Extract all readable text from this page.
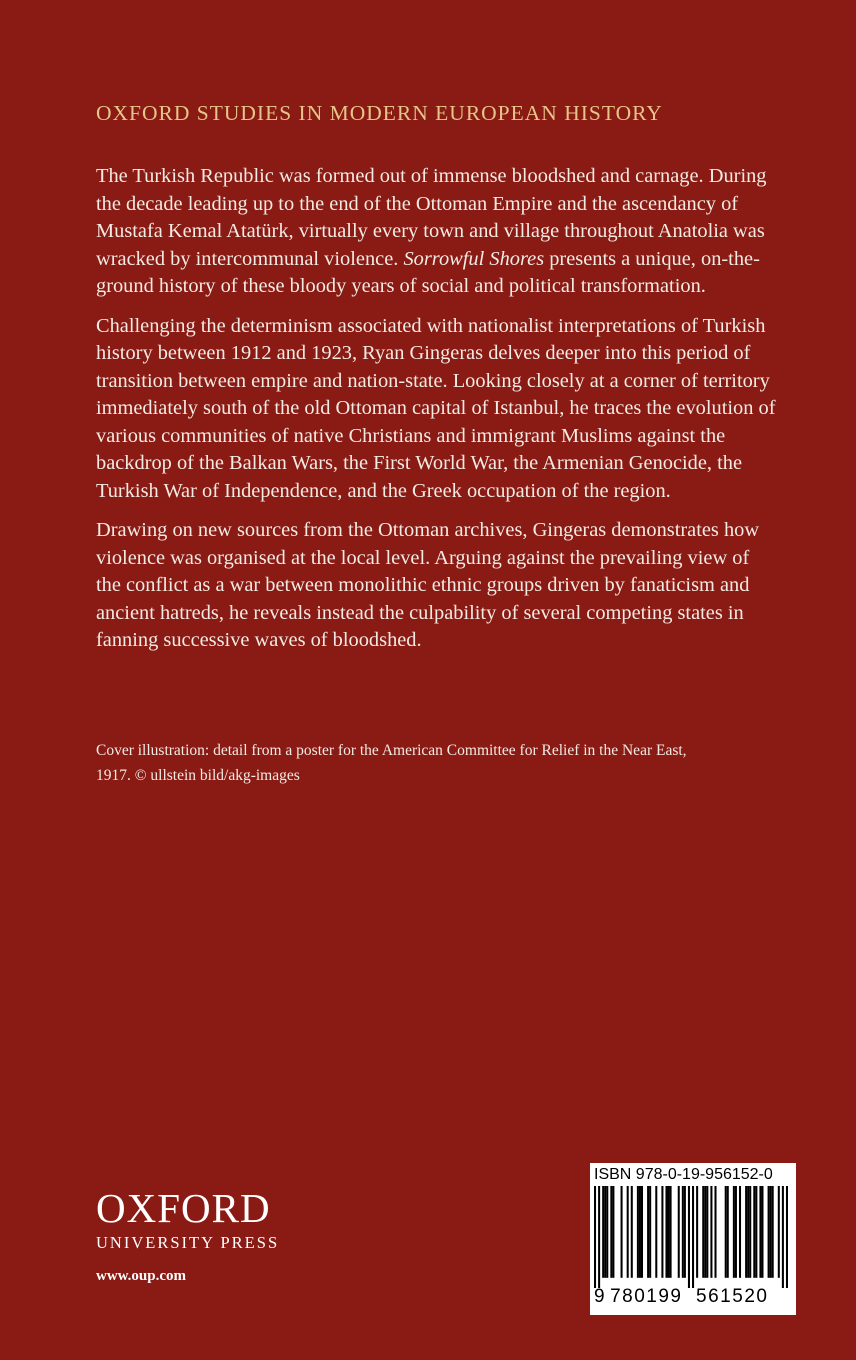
OXFORD STUDIES IN MODERN EUROPEAN HISTORY

The Turkish Republic was formed out of immense bloodshed and carnage. During the decade leading up to the end of the Ottoman Empire and the ascendancy of Mustafa Kemal Atatürk, virtually every town and village throughout Anatolia was wracked by intercommunal violence. Sorrowful Shores presents a unique, on-the-ground history of these bloody years of social and political transformation.

Challenging the determinism associated with nationalist interpretations of Turkish history between 1912 and 1923, Ryan Gingeras delves deeper into this period of transition between empire and nation-state. Looking closely at a corner of territory immediately south of the old Ottoman capital of Istanbul, he traces the evolution of various communities of native Christians and immigrant Muslims against the backdrop of the Balkan Wars, the First World War, the Armenian Genocide, the Turkish War of Independence, and the Greek occupation of the region.

Drawing on new sources from the Ottoman archives, Gingeras demonstrates how violence was organised at the local level. Arguing against the prevailing view of the conflict as a war between monolithic ethnic groups driven by fanaticism and ancient hatreds, he reveals instead the culpability of several competing states in fanning successive waves of bloodshed.

Cover illustration: detail from a poster for the American Committee for Relief in the Near East,
1917. © ullstein bild/akg-images
OXFORD
UNIVERSITY PRESS
www.oup.com
ISBN 978-0-19-956152-0
9 780199 561520
